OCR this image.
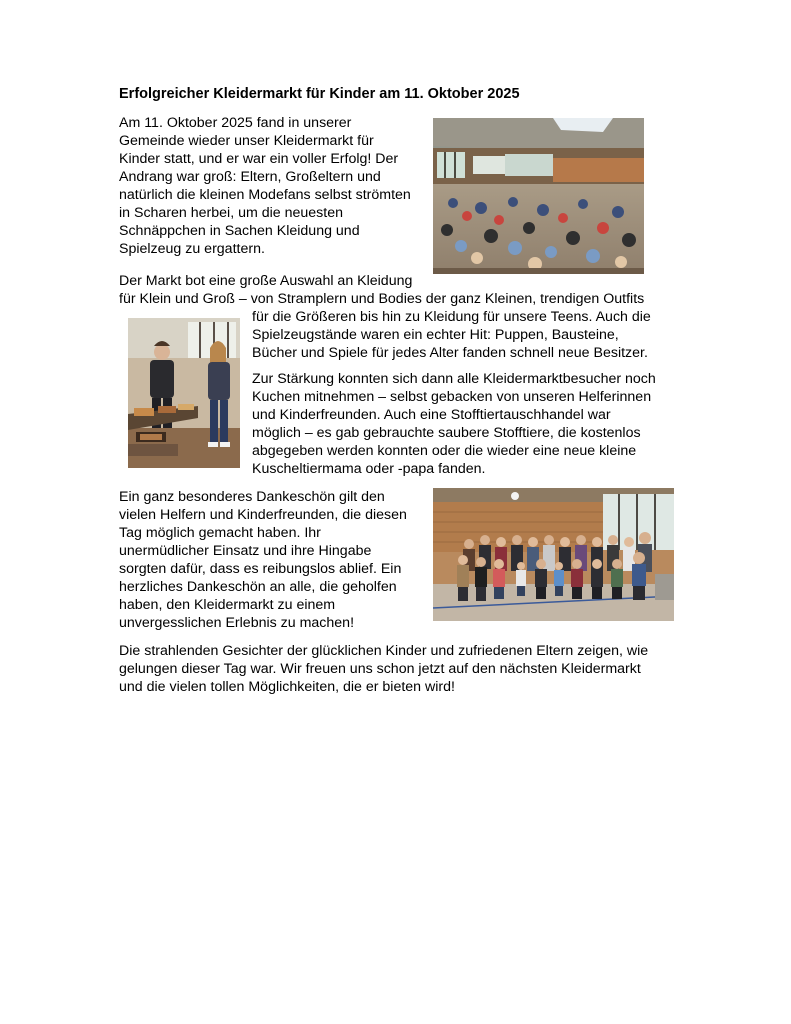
Erfolgreicher Kleidermarkt für Kinder am 11. Oktober 2025
Am 11. Oktober 2025 fand in unserer
Gemeinde wieder unser Kleidermarkt für
Kinder statt, und er war ein voller Erfolg! Der
Andrang war groß: Eltern, Großeltern und
natürlich die kleinen Modefans selbst strömten
in Scharen herbei, um die neuesten
Schnäppchen in Sachen Kleidung und
Spielzeug zu ergattern.
Der Markt bot eine große Auswahl an Kleidung
für Klein und Groß – von Stramplern und Bodies der ganz Kleinen, trendigen Outfits
für die Größeren bis hin zu Kleidung für unsere Teens. Auch die
Spielzeugstände waren ein echter Hit: Puppen, Bausteine,
Bücher und Spiele für jedes Alter fanden schnell neue Besitzer.
Zur Stärkung konnten sich dann alle Kleidermarktbesucher noch
Kuchen mitnehmen – selbst gebacken von unseren Helferinnen
und Kinderfreunden. Auch eine Stofftiertauschhandel war
möglich – es gab gebrauchte saubere Stofftiere, die kostenlos
abgegeben werden konnten oder die wieder eine neue kleine
Kuscheltiermama oder -papa fanden.
Ein ganz besonderes Dankeschön gilt den
vielen Helfern und Kinderfreunden, die diesen
Tag möglich gemacht haben. Ihr
unermüdlicher Einsatz und ihre Hingabe
sorgten dafür, dass es reibungslos ablief. Ein
herzliches Dankeschön an alle, die geholfen
haben, den Kleidermarkt zu einem
unvergesslichen Erlebnis zu machen!
Die strahlenden Gesichter der glücklichen Kinder und zufriedenen Eltern zeigen, wie
gelungen dieser Tag war. Wir freuen uns schon jetzt auf den nächsten Kleidermarkt
und die vielen tollen Möglichkeiten, die er bieten wird!
